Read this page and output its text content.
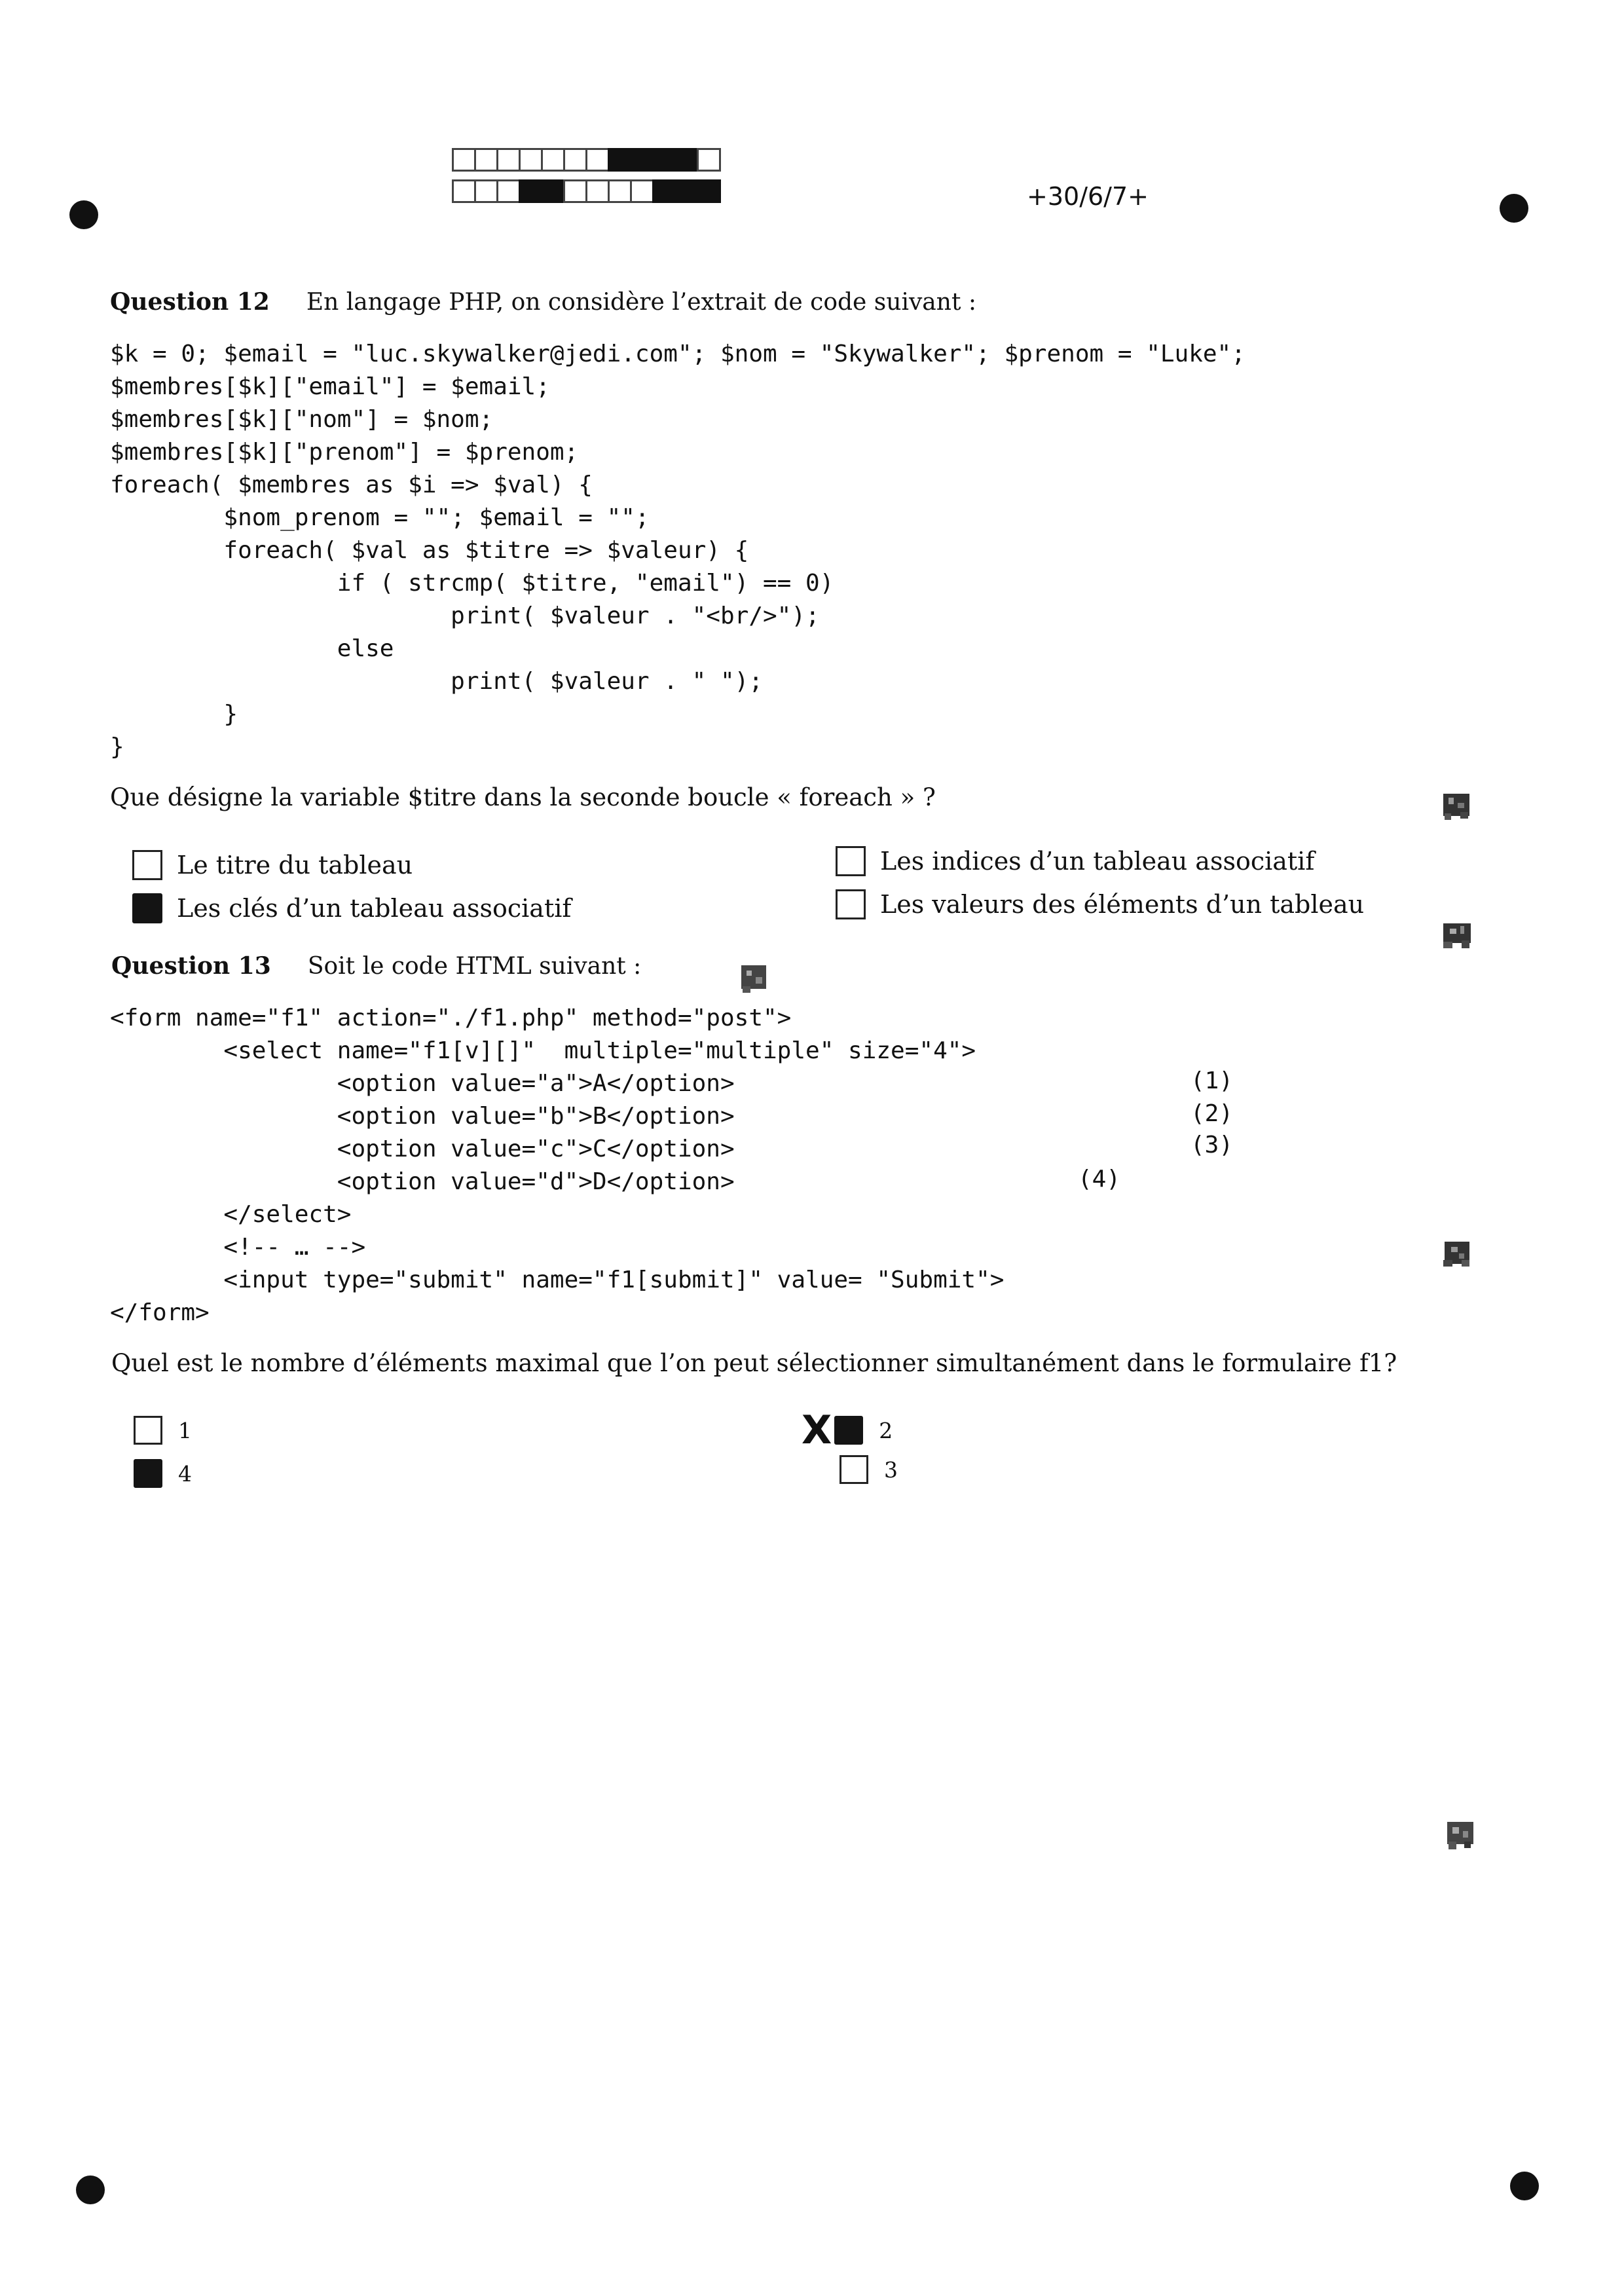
+30/6/7+
Question 12 En langage PHP, on considère l’extrait de code suivant :
$k = 0; $email = "luc.skywalker@jedi.com"; $nom = "Skywalker"; $prenom = "Luke";
$membres[$k]["email"] = $email;
$membres[$k]["nom"] = $nom;
$membres[$k]["prenom"] = $prenom;
foreach( $membres as $i => $val) {
$nom_prenom = ""; $email = "";
foreach( $val as $titre => $valeur) {
if ( strcmp( $titre, "email") == 0)
print( $valeur . "<br/>");
else
print( $valeur . " ");
}
}
Que désigne la variable $titre dans la seconde boucle « foreach » ?
Le titre du tableau
Les clés d’un tableau associatif
Les indices d’un tableau associatif
Les valeurs des éléments d’un tableau
Question 13 Soit le code HTML suivant :
<form name="f1" action="./f1.php" method="post">
<select name="f1[v][]"  multiple="multiple" size="4">
<option value="a">A</option>
<option value="b">B</option>
<option value="c">C</option>
<option value="d">D</option>
</select>
<!-- … -->
<input type="submit" name="f1[submit]" value= "Submit">
</form>
(1)
(2)
(3)
(4)
Quel est le nombre d’éléments maximal que l’on peut sélectionner simultanément dans le formulaire f1?
1
4
X 2
3
